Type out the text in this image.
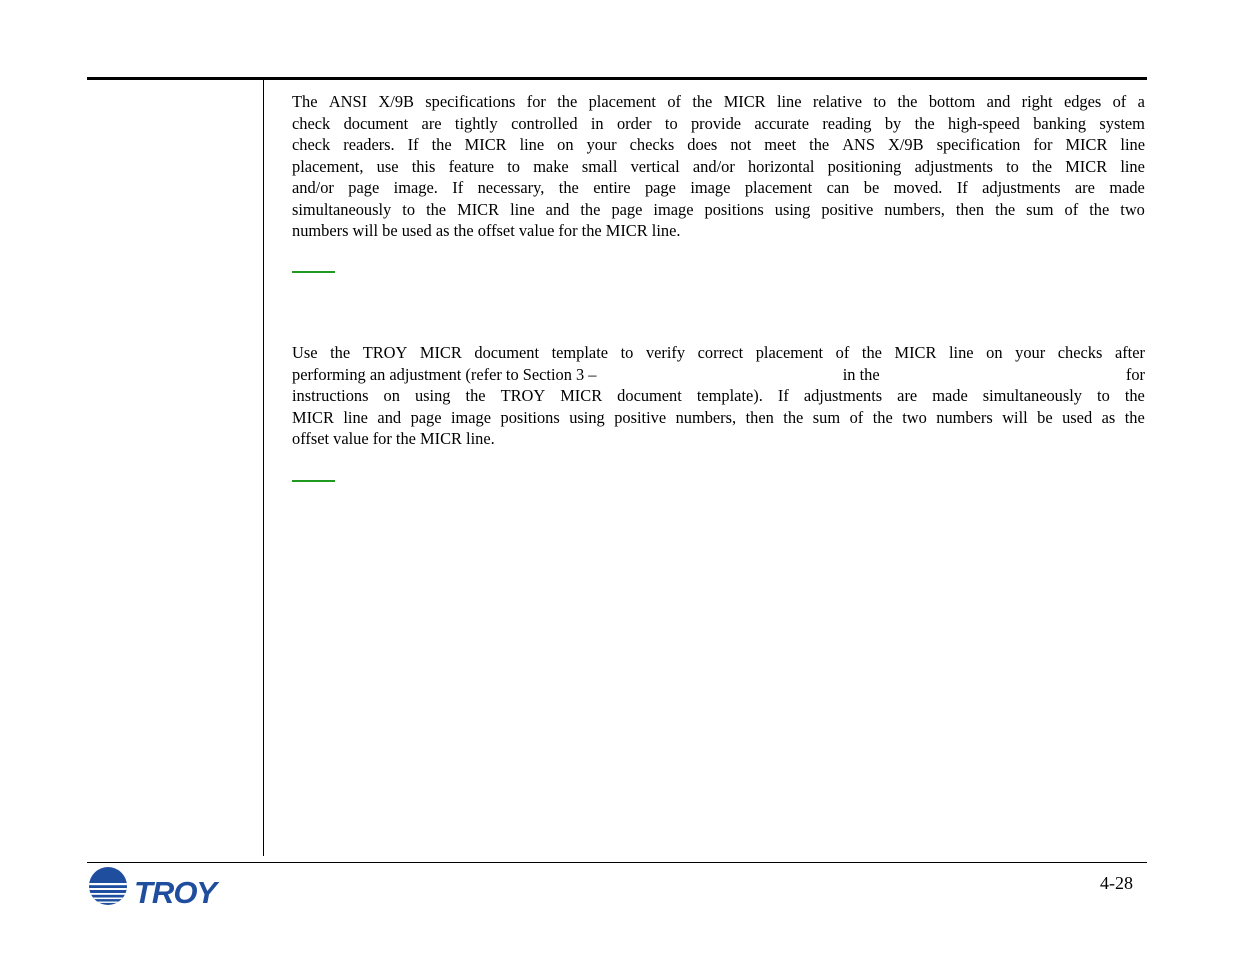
The ANSI X/9B specifications for the placement of the MICR line relative to the bottom and right edges of a
check document are tightly controlled in order to provide accurate reading by the high-speed banking system
check readers. If the MICR line on your checks does not meet the ANS X/9B specification for MICR line
placement, use this feature to make small vertical and/or horizontal positioning adjustments to the MICR line
and/or page image. If necessary, the entire page image placement can be moved. If adjustments are made
simultaneously to the MICR line and the page image positions using positive numbers, then the sum of the two
numbers will be used as the offset value for the MICR line.
Use the TROY MICR document template to verify correct placement of the MICR line on your checks after
performing an adjustment (refer to Section 3 –	in the	for
instructions on using the TROY MICR document template). If adjustments are made simultaneously to the
MICR line and page image positions using positive numbers, then the sum of the two numbers will be used as the
offset value for the MICR line.
TROY	4-28
